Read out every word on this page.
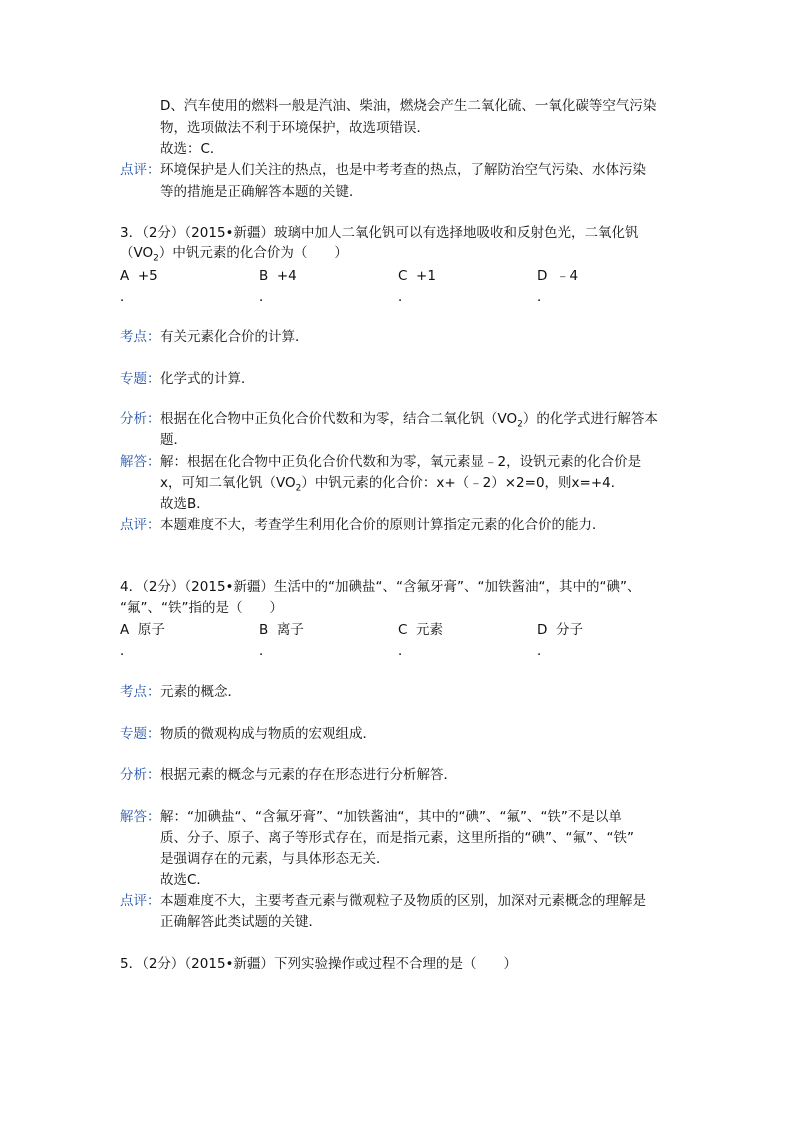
D、汽车使用的燃料一般是汽油、柴油，燃烧会产生二氧化硫、一氧化碳等空气污染
物，选项做法不利于环境保护，故选项错误．
故选：C．
点评： 环境保护是人们关注的热点，也是中考考查的热点，了解防治空气污染、水体污染
等的措施是正确解答本题的关键．
3．（2分）（2015•新疆）玻璃中加人二氧化钒可以有选择地吸收和反射色光，二氧化钒
$(VO_2)$中钒元素的化合价为（　　）
A +5	B +4	C +1	D ﹣4
．	．	．	．
考点： 有关元素化合价的计算．
专题： 化学式的计算．
分析： 根据在化合物中正负化合价代数和为零，结合二氧化钒$(VO_2)$的化学式进行解答本
题．
解答： 解：根据在化合物中正负化合价代数和为零，氧元素显﹣2，设钒元素的化合价是
x，可知二氧化钒$(VO_2)$中钒元素的化合价：x+（﹣2）×2=0，则x=+4．
故选B．
点评： 本题难度不大，考查学生利用化合价的原则计算指定元素的化合价的能力．
4．（2分）（2015•新疆）生活中的“加碘盐“、“含氟牙膏”、“加铁酱油“，其中的“碘”、
“氟”、“铁”指的是（　　）
A 原子	B 离子	C 元素	D 分子
．	．	．	．
考点： 元素的概念．
专题： 物质的微观构成与物质的宏观组成．
分析： 根据元素的概念与元素的存在形态进行分析解答．
解答： 解：“加碘盐“、“含氟牙膏”、“加铁酱油“，其中的“碘”、“氟”、“铁”不是以单
质、分子、原子、离子等形式存在，而是指元素，这里所指的“碘”、“氟”、“铁”
是强调存在的元素，与具体形态无关．
故选C．
点评： 本题难度不大，主要考查元素与微观粒子及物质的区别，加深对元素概念的理解是
正确解答此类试题的关键．
5．（2分）（2015•新疆）下列实验操作或过程不合理的是（　　）
